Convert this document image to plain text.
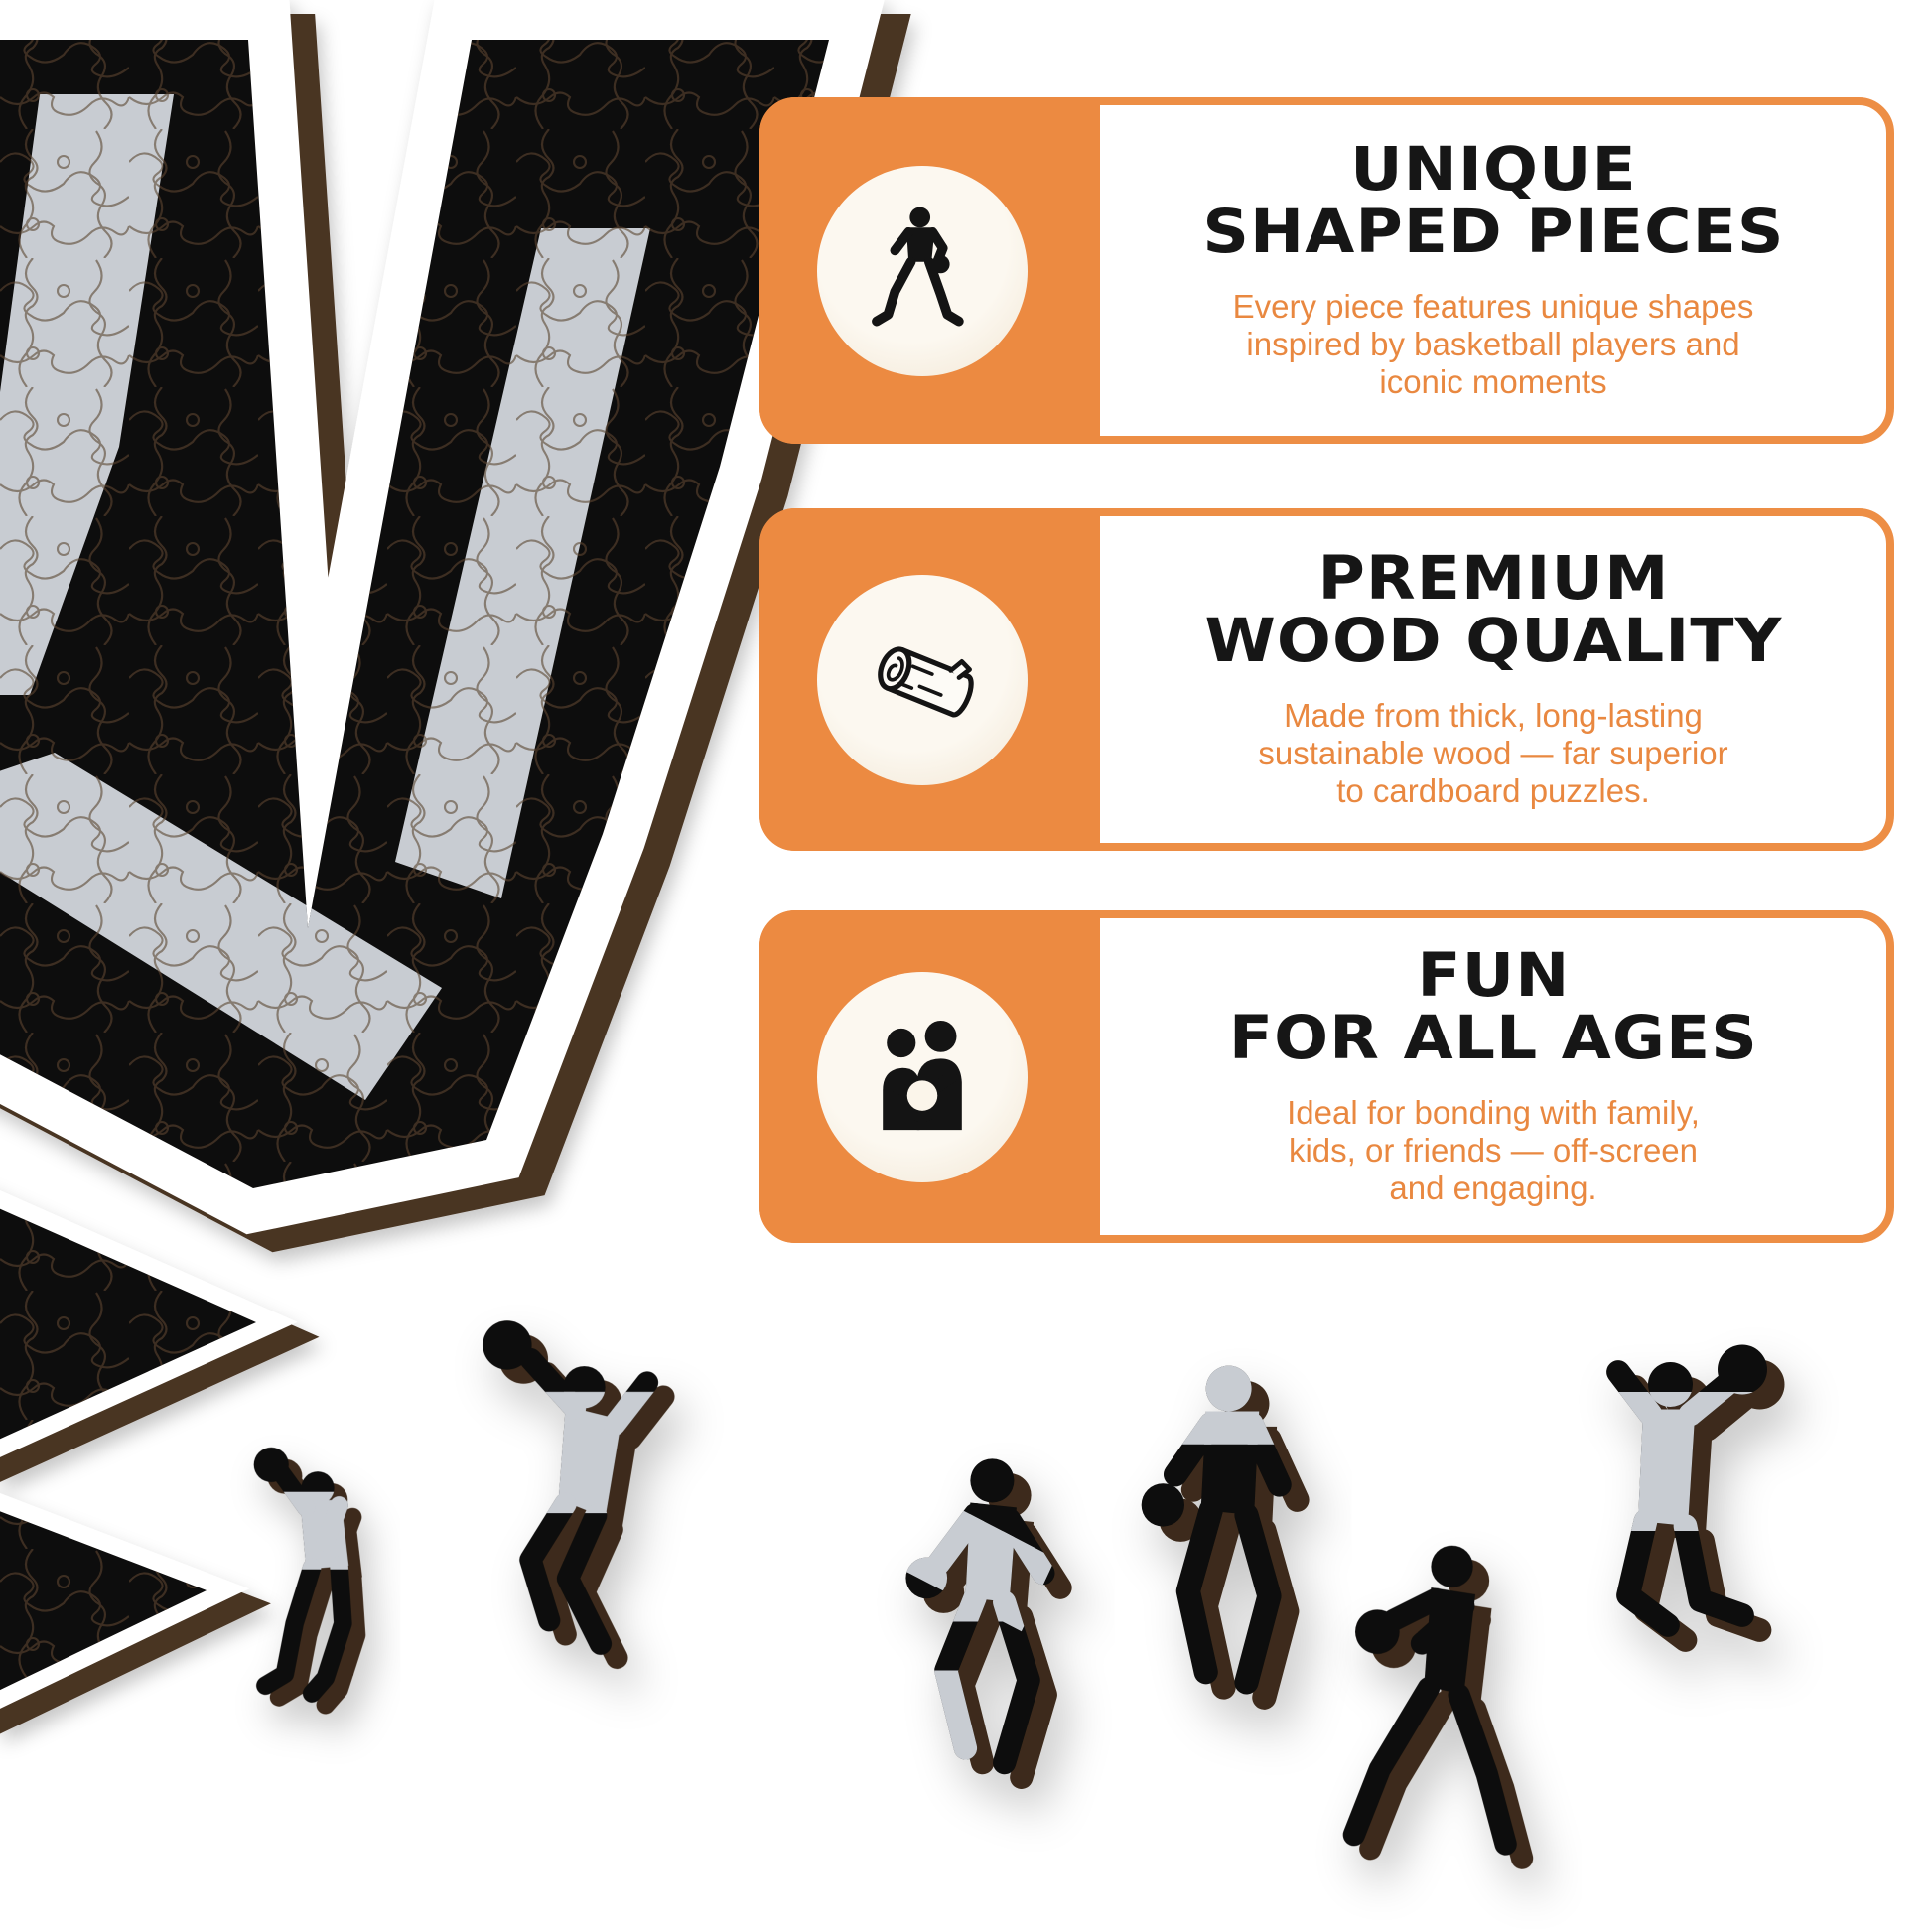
UNIQUE
SHAPED PIECES
Every piece features unique shapes
inspired by basketball players and
iconic moments
PREMIUM
WOOD QUALITY
Made from thick, long-lasting
sustainable wood — far superior
to cardboard puzzles.
FUN
FOR ALL AGES
Ideal for bonding with family,
kids, or friends — off-screen
and engaging.
